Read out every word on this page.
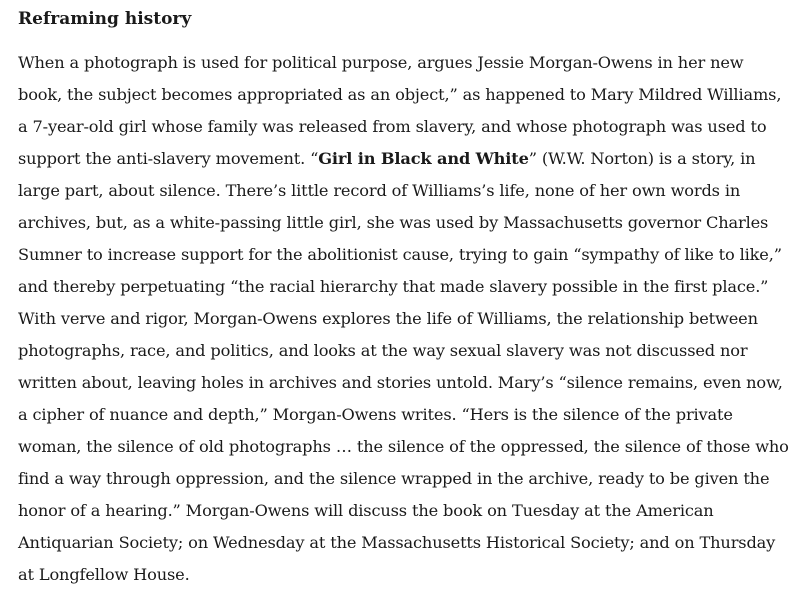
Reframing history
When a photograph is used for political purpose, argues Jessie Morgan-Owens in her new
book, the subject becomes appropriated as an object,” as happened to Mary Mildred Williams,
a 7-year-old girl whose family was released from slavery, and whose photograph was used to
support the anti-slavery movement. “Girl in Black and White” (W.W. Norton) is a story, in
large part, about silence. There’s little record of Williams’s life, none of her own words in
archives, but, as a white-passing little girl, she was used by Massachusetts governor Charles
Sumner to increase support for the abolitionist cause, trying to gain “sympathy of like to like,”
and thereby perpetuating “the racial hierarchy that made slavery possible in the first place.”
With verve and rigor, Morgan-Owens explores the life of Williams, the relationship between
photographs, race, and politics, and looks at the way sexual slavery was not discussed nor
written about, leaving holes in archives and stories untold. Mary’s “silence remains, even now,
a cipher of nuance and depth,” Morgan-Owens writes. “Hers is the silence of the private
woman, the silence of old photographs … the silence of the oppressed, the silence of those who
find a way through oppression, and the silence wrapped in the archive, ready to be given the
honor of a hearing.” Morgan-Owens will discuss the book on Tuesday at the American
Antiquarian Society; on Wednesday at the Massachusetts Historical Society; and on Thursday
at Longfellow House.
